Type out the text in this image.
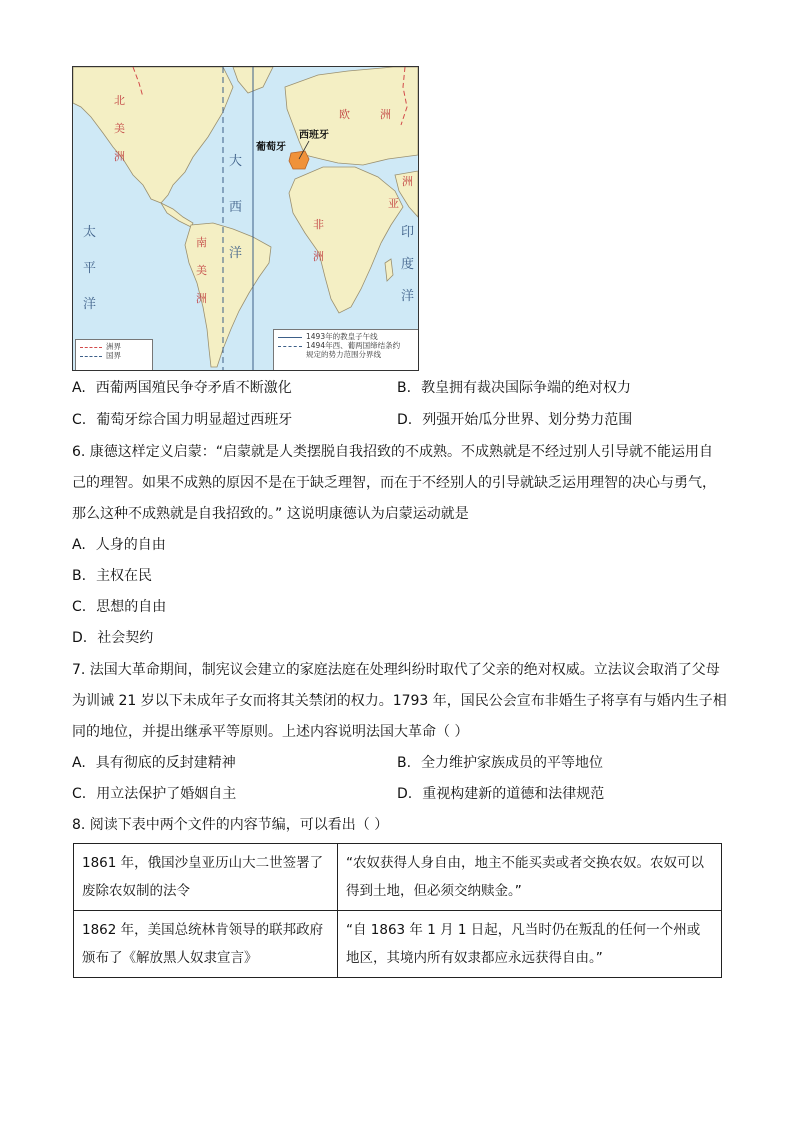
北
美
洲
南
美
洲
太
平
洋
大
西
洋
欧	洲
洲
亚
非
洲
印
度
洋
葡萄牙
西班牙
洲界
国界
1493年的教皇子午线
1494年西、葡两国缔结条约
规定的势力范围分界线
A. 西葡两国殖民争夺矛盾不断激化	B. 教皇拥有裁决国际争端的绝对权力
C. 葡萄牙综合国力明显超过西班牙	D. 列强开始瓜分世界、划分势力范围
6. 康德这样定义启蒙：“启蒙就是人类摆脱自我招致的不成熟。不成熟就是不经过别人引导就不能运用自
己的理智。如果不成熟的原因不是在于缺乏理智，而在于不经别人的引导就缺乏运用理智的决心与勇气，
那么这种不成熟就是自我招致的。” 这说明康德认为启蒙运动就是
A. 人身的自由
B. 主权在民
C. 思想的自由
D. 社会契约
7. 法国大革命期间，制宪议会建立的家庭法庭在处理纠纷时取代了父亲的绝对权威。立法议会取消了父母
为训诫 21 岁以下未成年子女而将其关禁闭的权力。1793 年，国民公会宣布非婚生子将享有与婚内生子相
同的地位，并提出继承平等原则。上述内容说明法国大革命（ ）
A. 具有彻底的反封建精神	B. 全力维护家族成员的平等地位
C. 用立法保护了婚姻自主	D. 重视构建新的道德和法律规范
8. 阅读下表中两个文件的内容节编，可以看出（ ）
1861 年，俄国沙皇亚历山大二世签署了废除农奴制的法令	“农奴获得人身自由，地主不能买卖或者交换农奴。农奴可以得到土地，但必须交纳赎金。”
1862 年，美国总统林肯领导的联邦政府颁布了《解放黑人奴隶宣言》	“自 1863 年 1 月 1 日起，凡当时仍在叛乱的任何一个州或地区，其境内所有奴隶都应永远获得自由。”
